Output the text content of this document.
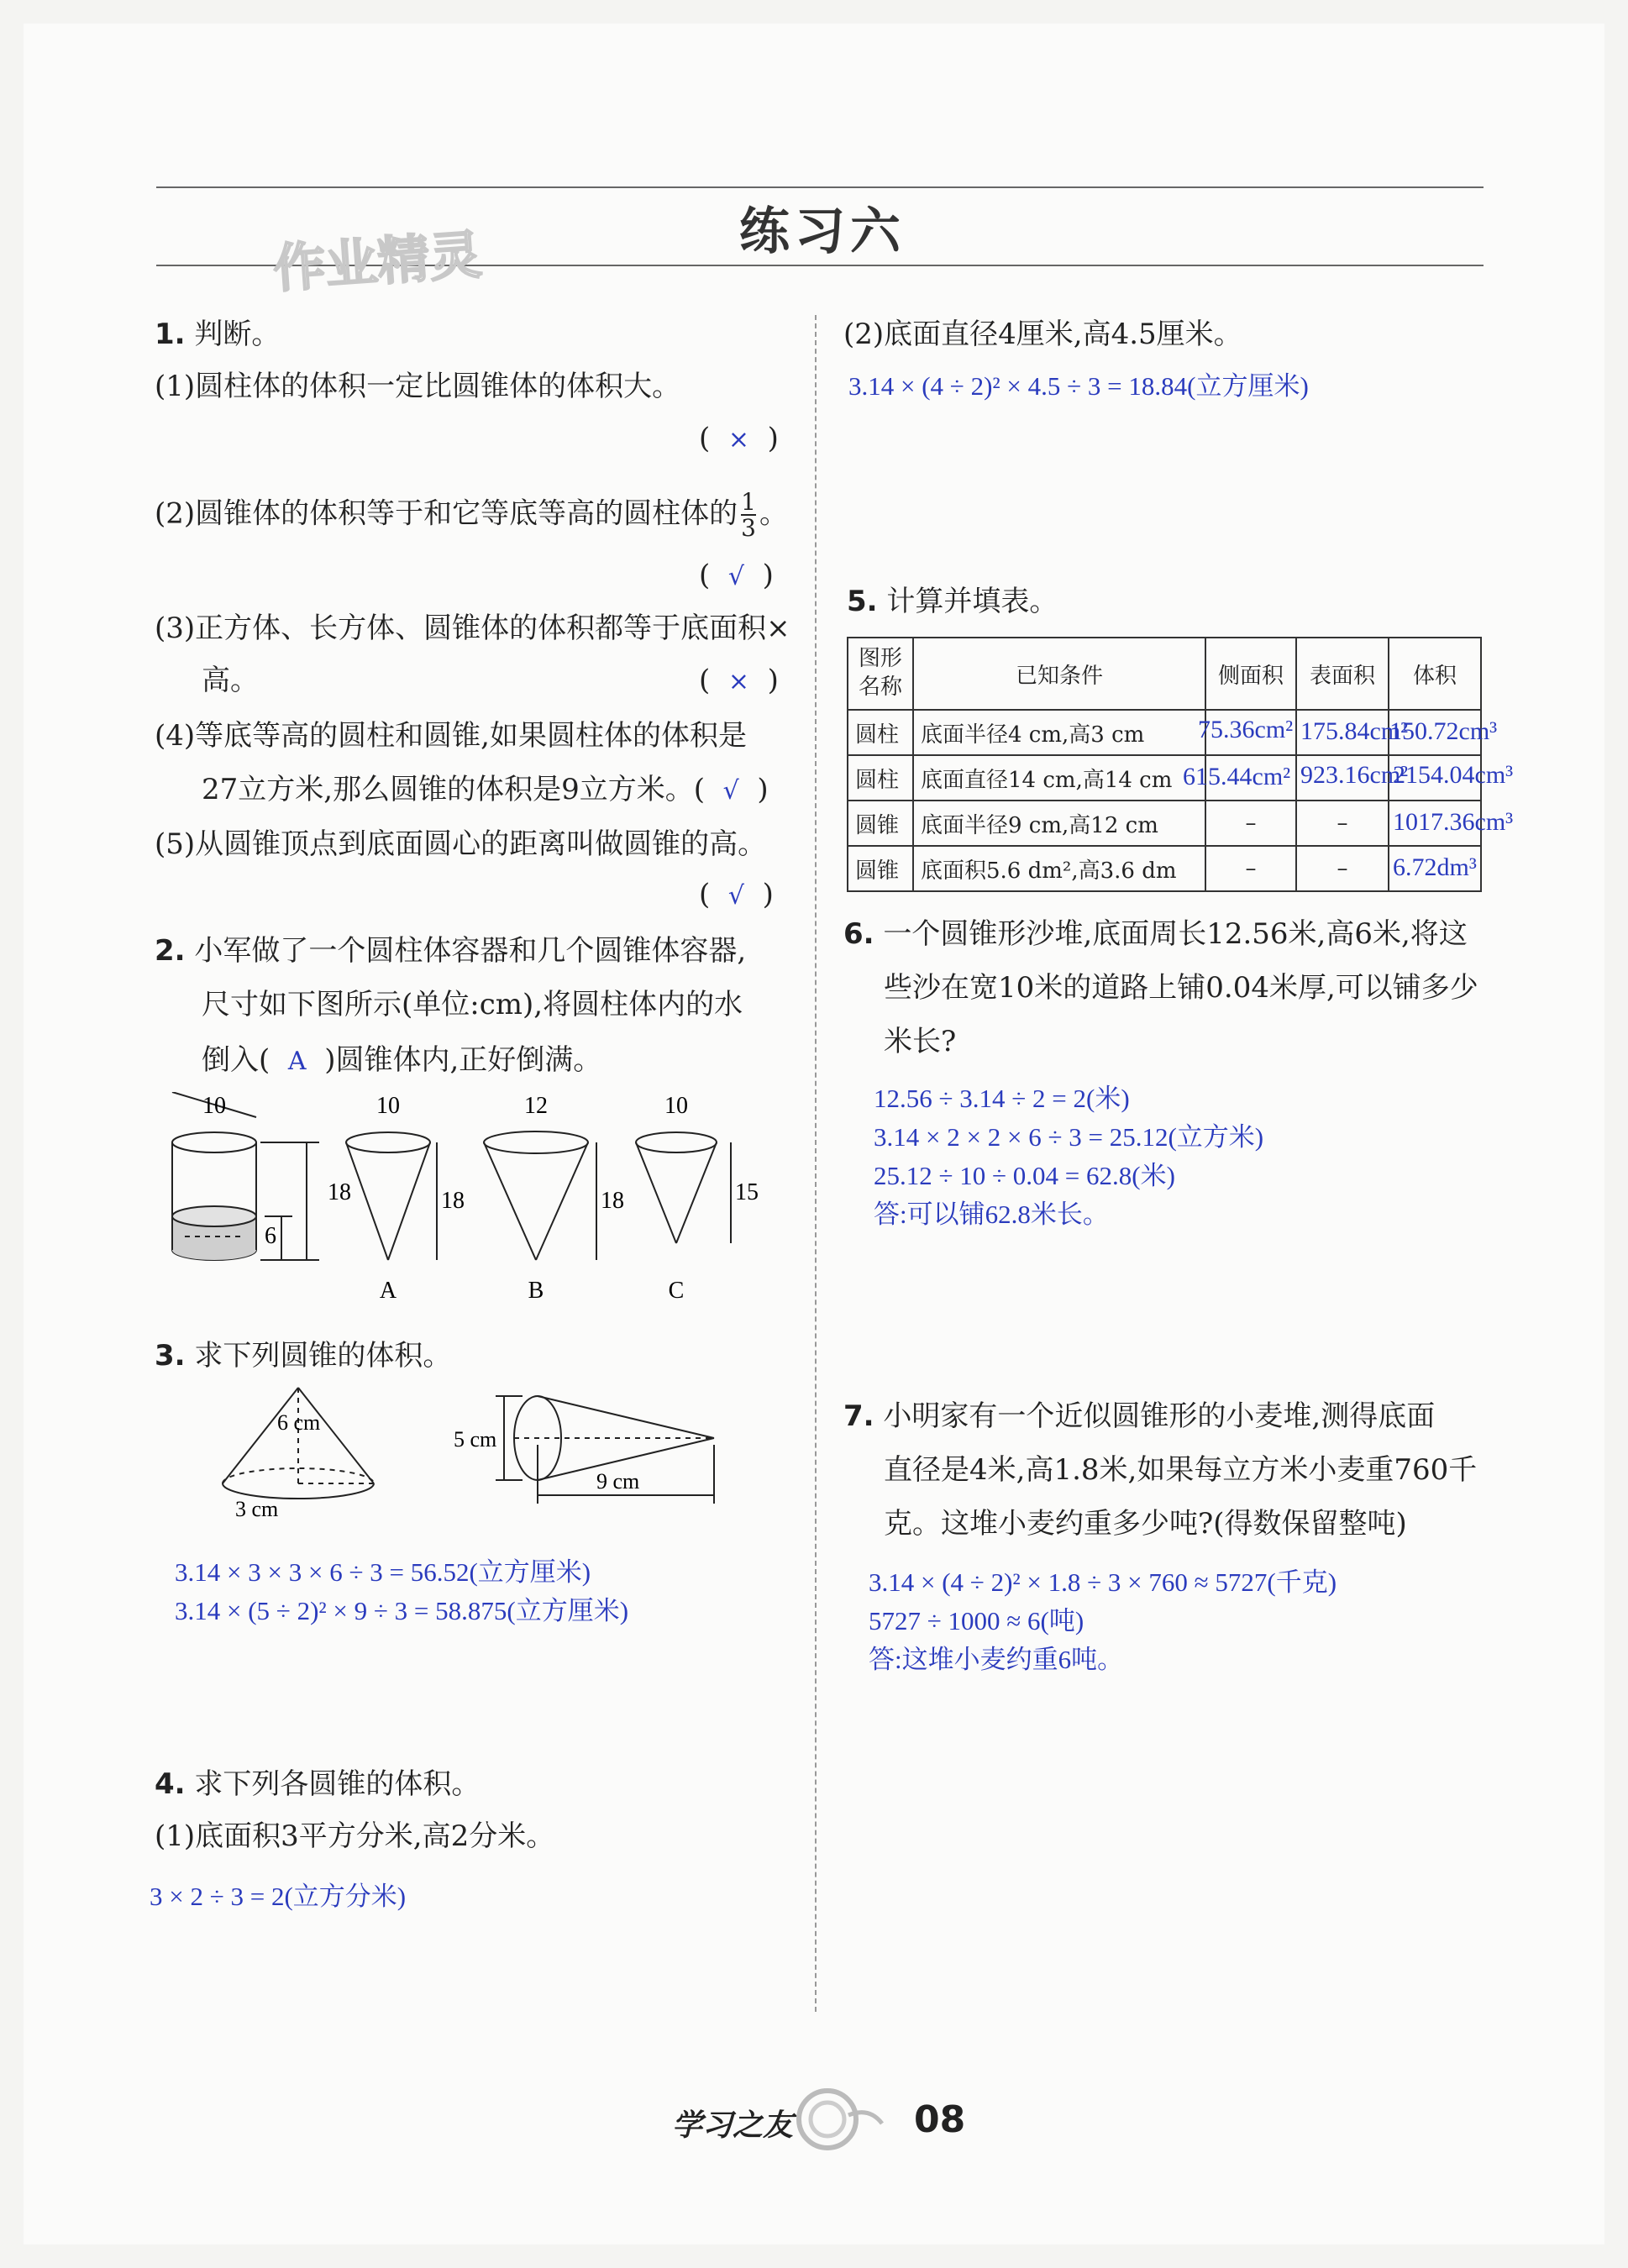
练习六
作业精灵
1. 判断。
(1)圆柱体的体积一定比圆锥体的体积大。
(  ×  )
(2)圆锥体的体积等于和它等底等高的圆柱体的 $\frac{1}{3}$ 。
(  √  )
(3)正方体、长方体、圆锥体的体积都等于底面积×
高。	(  ×  )
(4)等底等高的圆柱和圆锥,如果圆柱体的体积是
27立方米,那么圆锥的体积是9立方米。( √  )
(5)从圆锥顶点到底面圆心的距离叫做圆锥的高。
(  √  )
2. 小军做了一个圆柱体容器和几个圆锥体容器,
尺寸如下图所示(单位:cm),将圆柱体内的水
倒入( A )圆锥体内,正好倒满。
10
18
6
10
18
A
12
18
B
10
15
C
3. 求下列圆锥的体积。
6 cm
3 cm
5 cm
9 cm
3.14 × 3 × 3 × 6 ÷ 3 = 56.52(立方厘米)
3.14 × (5 ÷ 2)² × 9 ÷ 3 = 58.875(立方厘米)
4. 求下列各圆锥的体积。
(1)底面积3平方分米,高2分米。
3 × 2 ÷ 3 = 2(立方分米)
(2)底面直径4厘米,高4.5厘米。
3.14 × (4 ÷ 2)² × 4.5 ÷ 3 = 18.84(立方厘米)
5. 计算并填表。
图形名称	已知条件	侧面积	表面积	体积
圆柱	底面半径4 cm,高3 cm	75.36cm²	175.84cm²	150.72cm³

圆柱	底面直径14 cm,高14 cm	615.44cm²	923.16cm²	2154.04cm³

圆锥	底面半径9 cm,高12 cm	–	–	1017.36cm³

圆锥	底面积5.6 dm²,高3.6 dm	–	–	6.72dm³
6. 一个圆锥形沙堆,底面周长12.56米,高6米,将这
些沙在宽10米的道路上铺0.04米厚,可以铺多少
米长?
12.56 ÷ 3.14 ÷ 2 = 2(米)
3.14 × 2 × 2 × 6 ÷ 3 = 25.12(立方米)
25.12 ÷ 10 ÷ 0.04 = 62.8(米)
答:可以铺62.8米长。
7. 小明家有一个近似圆锥形的小麦堆,测得底面
直径是4米,高1.8米,如果每立方米小麦重760千
克。这堆小麦约重多少吨?(得数保留整吨)
3.14 × (4 ÷ 2)² × 1.8 ÷ 3 × 760 ≈ 5727(千克)
5727 ÷ 1000 ≈ 6(吨)
答:这堆小麦约重6吨。
学习之友	08
